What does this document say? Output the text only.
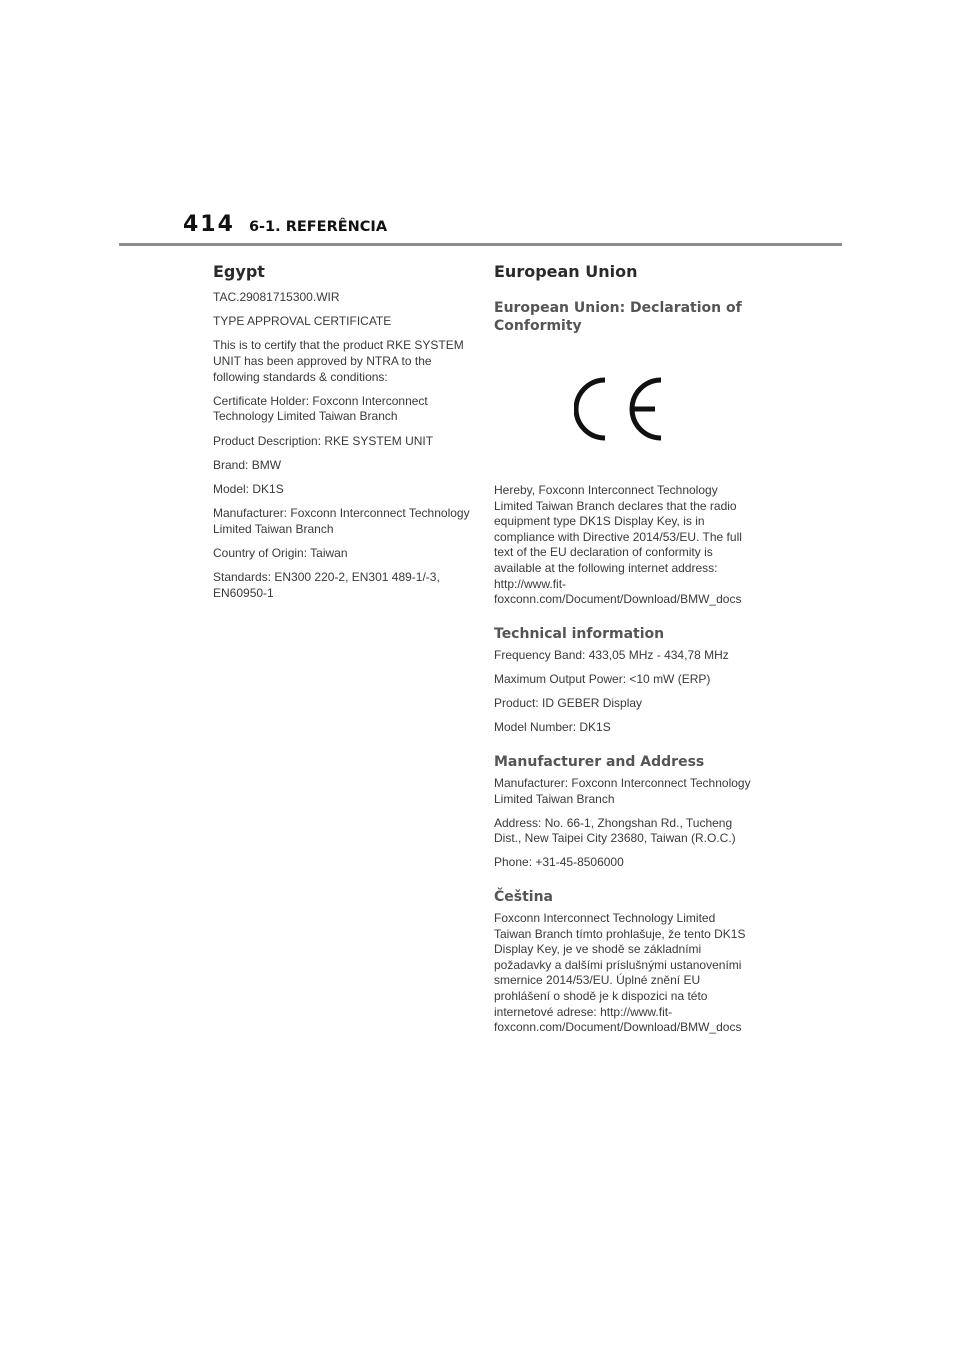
414 6-1. REFERÊNCIA
Egypt

TAC.29081715300.WIR

TYPE APPROVAL CERTIFICATE

This is to certify that the product RKE SYSTEM UNIT has been approved by NTRA to the following standards & conditions:

Certificate Holder: Foxconn Interconnect Technology Limited Taiwan Branch

Product Description: RKE SYSTEM UNIT

Brand: BMW

Model: DK1S

Manufacturer: Foxconn Interconnect Technology Limited Taiwan Branch

Country of Origin: Taiwan

Standards: EN300 220-2, EN301 489-1/-3, EN60950-1

European Union
European Union: Declaration of Conformity

Hereby, Foxconn Interconnect Technology Limited Taiwan Branch declares that the radio equipment type DK1S Display Key, is in compliance with Directive 2014/53/EU. The full text of the EU declaration of conformity is available at the following internet address: http://www.fit-foxconn.com/Document/Download/BMW_docs

Technical information

Frequency Band: 433,05 MHz - 434,78 MHz

Maximum Output Power: <10 mW (ERP)

Product: ID GEBER Display

Model Number: DK1S

Manufacturer and Address

Manufacturer: Foxconn Interconnect Technology Limited Taiwan Branch

Address: No. 66-1, Zhongshan Rd., Tucheng Dist., New Taipei City 23680, Taiwan (R.O.C.)

Phone: +31-45-8506000

Čeština

Foxconn Interconnect Technology Limited Taiwan Branch tímto prohlašuje, že tento DK1S Display Key, je ve shodě se základními požadavky a dalšími príslušnými ustanoveními smernice 2014/53/EU. Úplné znění EU prohlášení o shodě je k dispozici na této internetové adrese: http://www.fit-foxconn.com/Document/Download/BMW_docs
